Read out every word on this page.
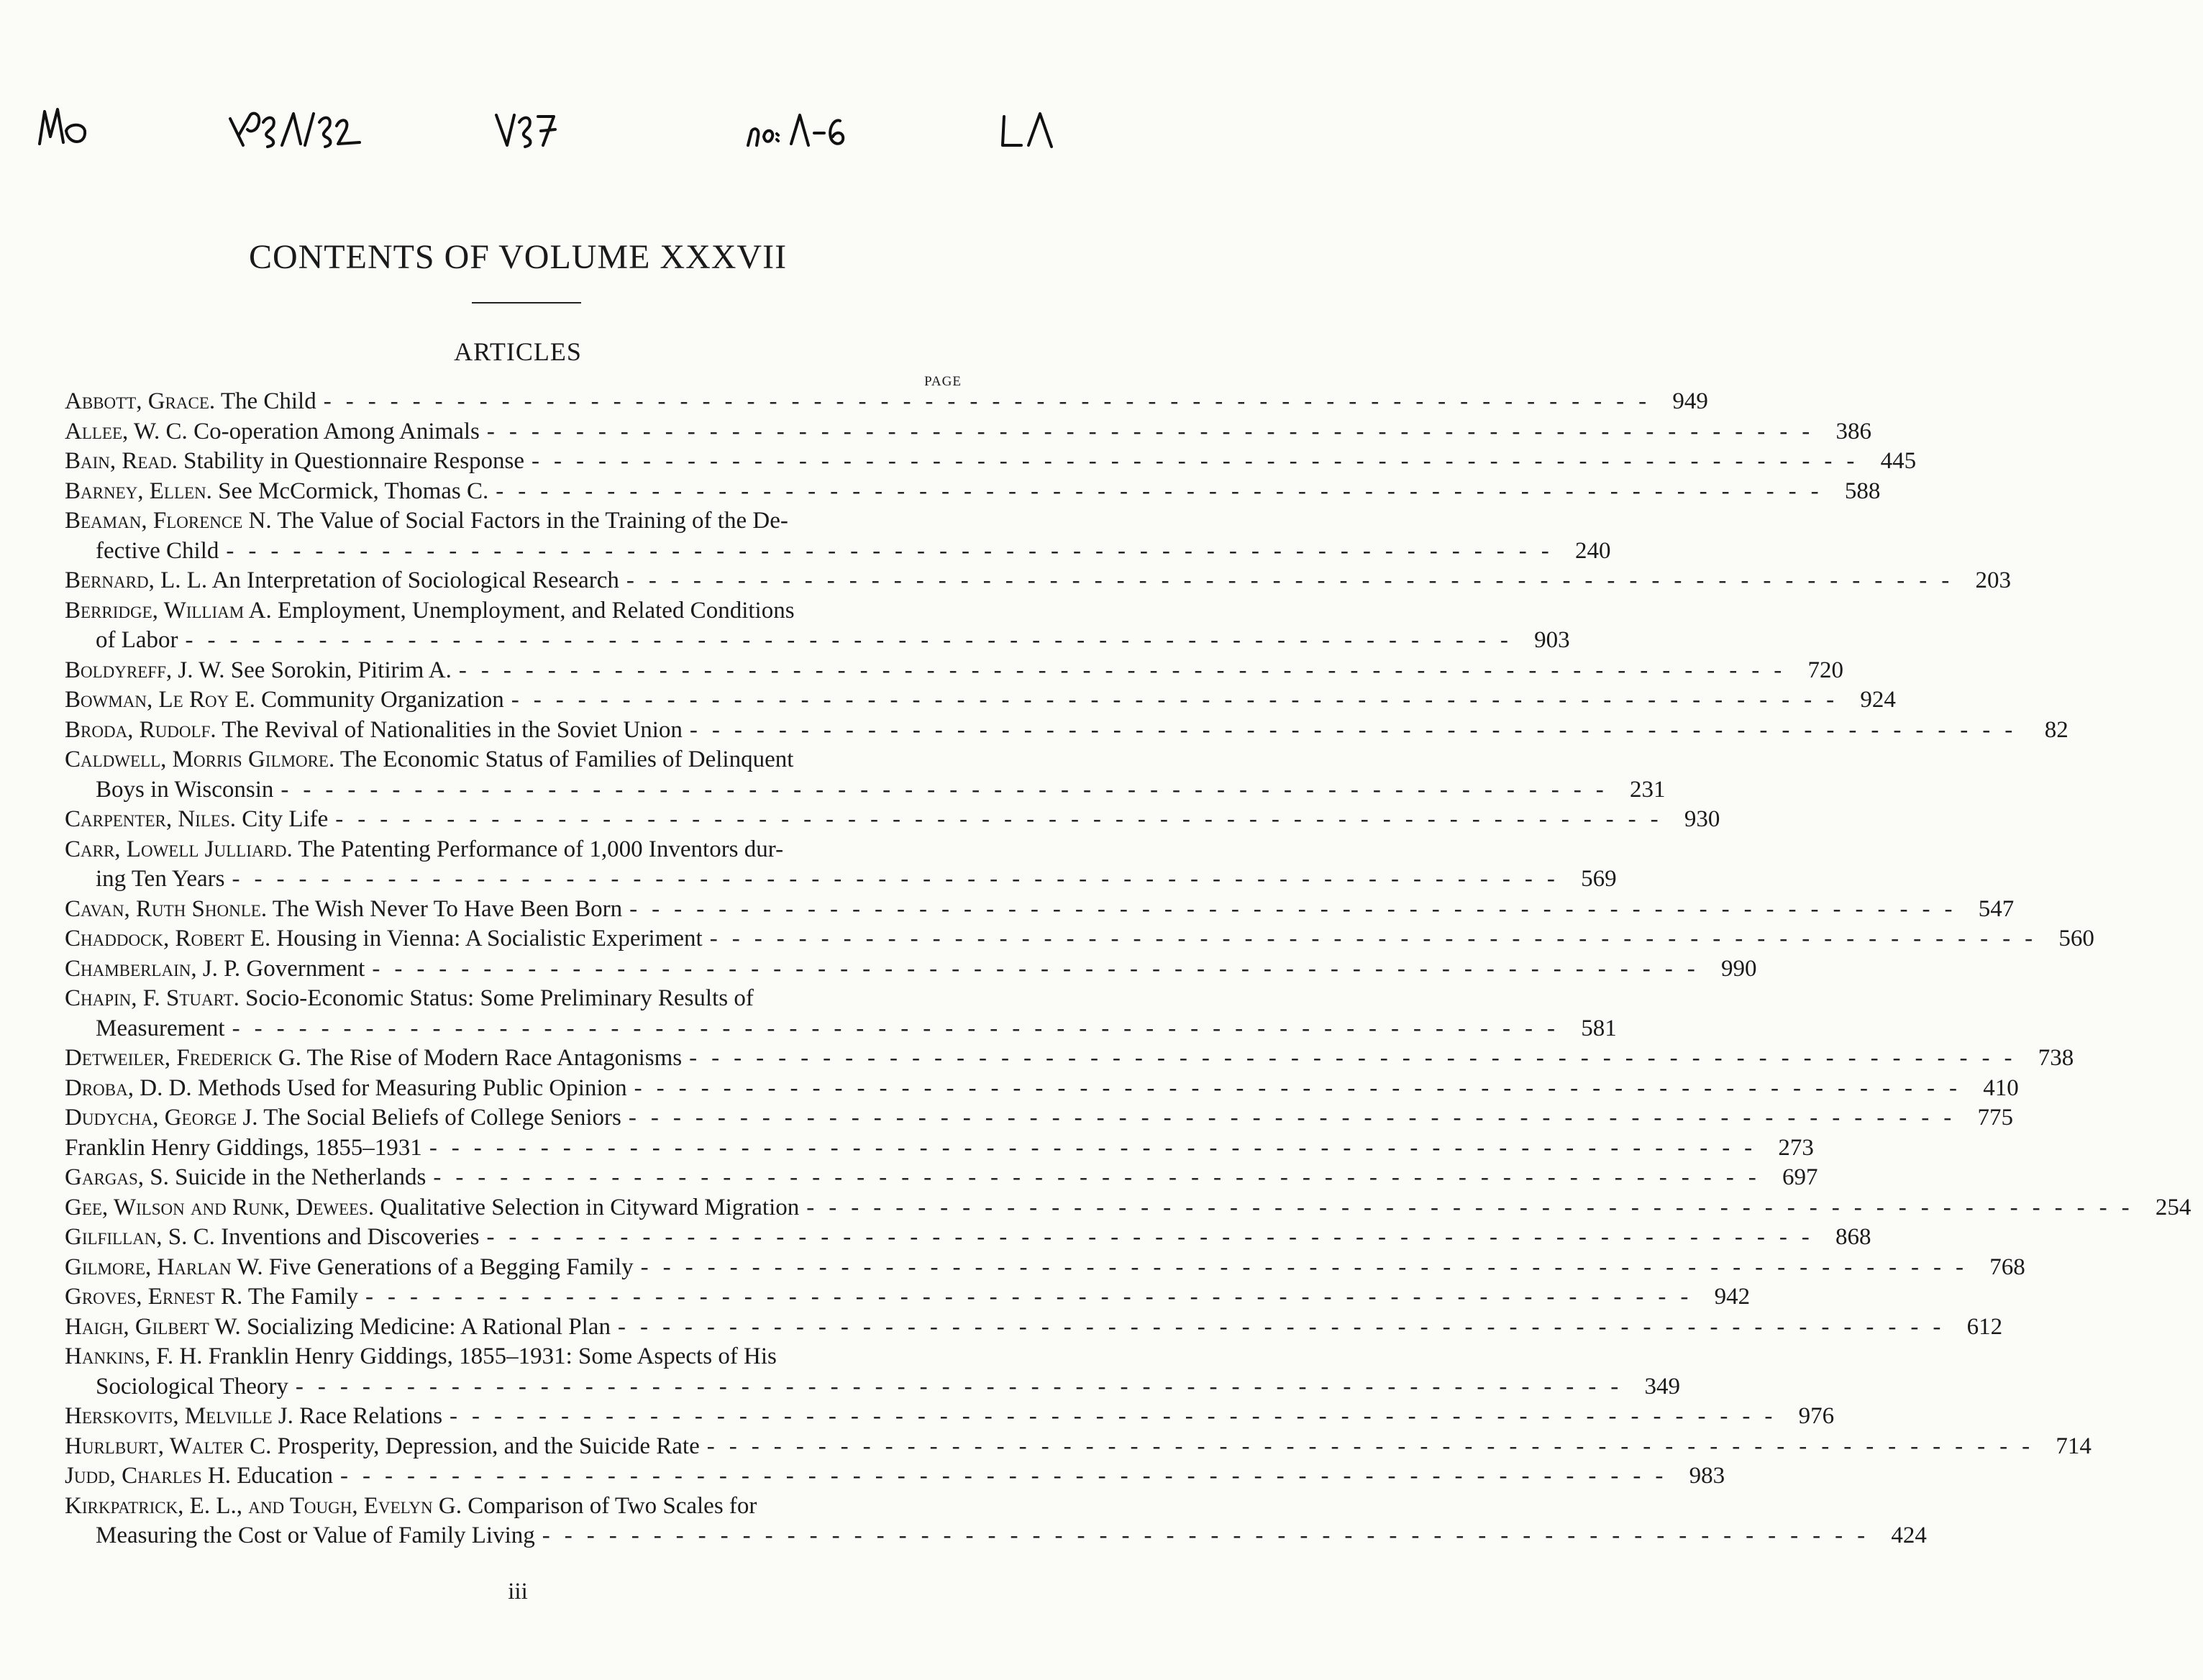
Mo 1931/32 V37 no. 1-6 LA
CONTENTS OF VOLUME XXXVII
ARTICLES
PAGE
Abbott, Grace. The Child ------------------------------------------------------------ 949
Allee, W. C. Co-operation Among Animals ------------------------------------------------------------ 386
Bain, Read. Stability in Questionnaire Response ------------------------------------------------------------ 445
Barney, Ellen. See McCormick, Thomas C. ------------------------------------------------------------ 588
Beaman, Florence N. The Value of Social Factors in the Training of the De-
fective Child ------------------------------------------------------------ 240
Bernard, L. L. An Interpretation of Sociological Research ------------------------------------------------------------ 203
Berridge, William A. Employment, Unemployment, and Related Conditions
of Labor ------------------------------------------------------------ 903
Boldyreff, J. W. See Sorokin, Pitirim A. ------------------------------------------------------------ 720
Bowman, Le Roy E. Community Organization ------------------------------------------------------------ 924
Broda, Rudolf. The Revival of Nationalities in the Soviet Union ------------------------------------------------------------ 82
Caldwell, Morris Gilmore. The Economic Status of Families of Delinquent
Boys in Wisconsin ------------------------------------------------------------ 231
Carpenter, Niles. City Life ------------------------------------------------------------ 930
Carr, Lowell Julliard. The Patenting Performance of 1,000 Inventors dur-
ing Ten Years ------------------------------------------------------------ 569
Cavan, Ruth Shonle. The Wish Never To Have Been Born ------------------------------------------------------------ 547
Chaddock, Robert E. Housing in Vienna: A Socialistic Experiment ------------------------------------------------------------ 560
Chamberlain, J. P. Government ------------------------------------------------------------ 990
Chapin, F. Stuart. Socio-Economic Status: Some Preliminary Results of
Measurement ------------------------------------------------------------ 581
Detweiler, Frederick G. The Rise of Modern Race Antagonisms ------------------------------------------------------------ 738
Droba, D. D. Methods Used for Measuring Public Opinion ------------------------------------------------------------ 410
Dudycha, George J. The Social Beliefs of College Seniors ------------------------------------------------------------ 775
Franklin Henry Giddings, 1855–1931 ------------------------------------------------------------ 273
Gargas, S. Suicide in the Netherlands ------------------------------------------------------------ 697
Gee, Wilson and Runk, Dewees. Qualitative Selection in Cityward Migration ------------------------------------------------------------ 254
Gilfillan, S. C. Inventions and Discoveries ------------------------------------------------------------ 868
Gilmore, Harlan W. Five Generations of a Begging Family ------------------------------------------------------------ 768
Groves, Ernest R. The Family ------------------------------------------------------------ 942
Haigh, Gilbert W. Socializing Medicine: A Rational Plan ------------------------------------------------------------ 612
Hankins, F. H. Franklin Henry Giddings, 1855–1931: Some Aspects of His
Sociological Theory ------------------------------------------------------------ 349
Herskovits, Melville J. Race Relations ------------------------------------------------------------ 976
Hurlburt, Walter C. Prosperity, Depression, and the Suicide Rate ------------------------------------------------------------ 714
Judd, Charles H. Education ------------------------------------------------------------ 983
Kirkpatrick, E. L., and Tough, Evelyn G. Comparison of Two Scales for
Measuring the Cost or Value of Family Living ------------------------------------------------------------ 424
iii
